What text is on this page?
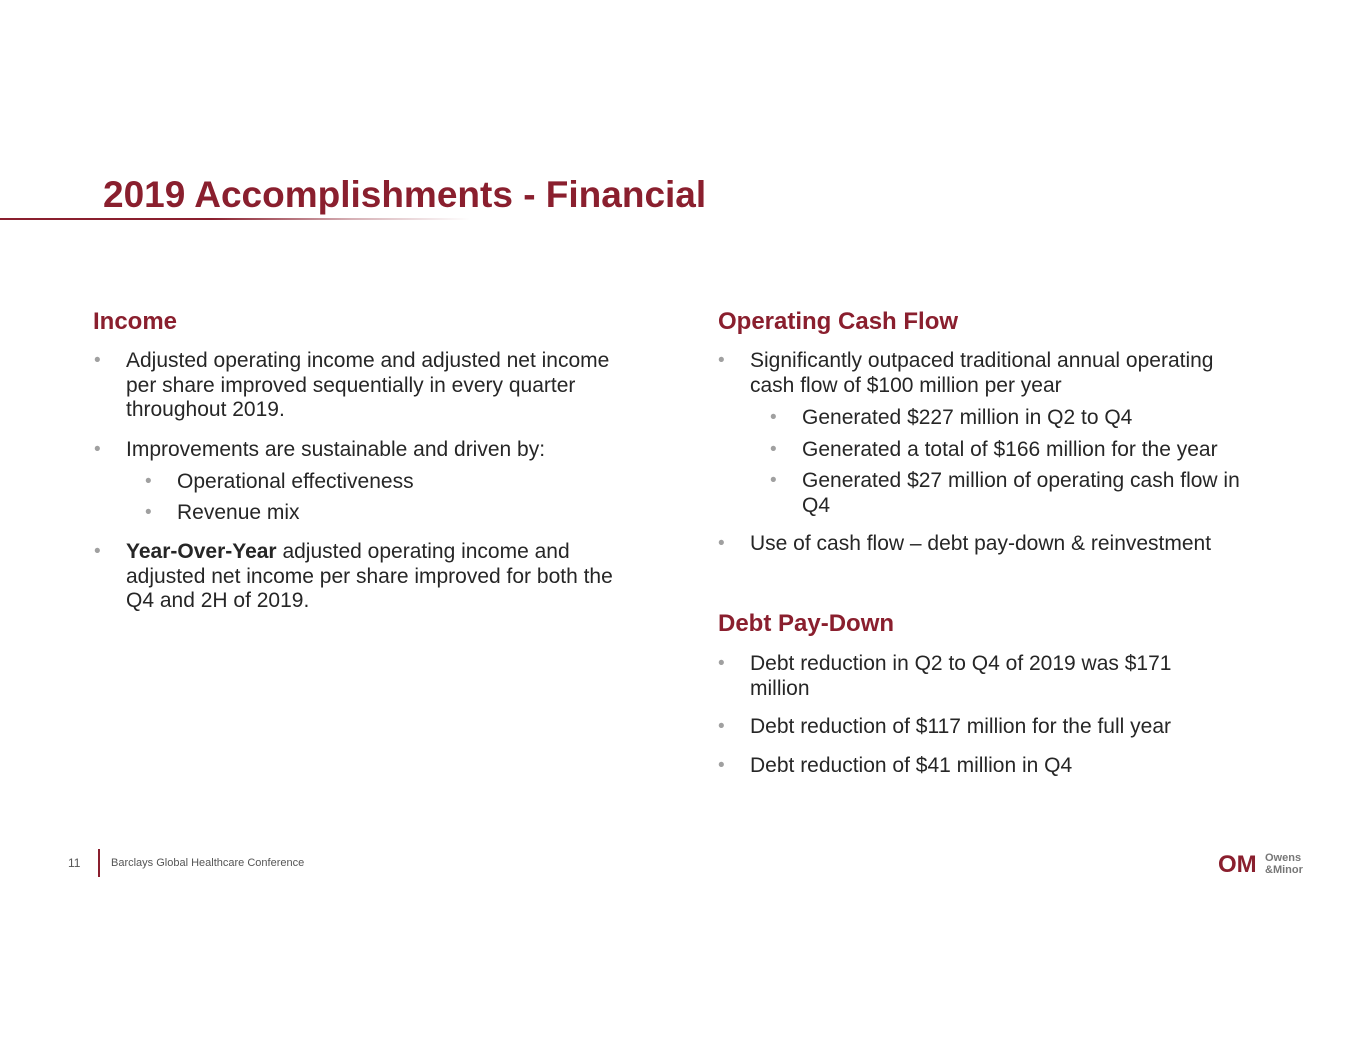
2019 Accomplishments - Financial
Income
• Adjusted operating income and adjusted net income per share improved sequentially in every quarter throughout 2019.
• Improvements are sustainable and driven by:
• Operational effectiveness
• Revenue mix
• Year-Over-Year adjusted operating income and adjusted net income per share improved for both the Q4 and 2H of 2019.
Operating Cash Flow
• Significantly outpaced traditional annual operating cash flow of $100 million per year
• Generated $227 million in Q2 to Q4
• Generated a total of $166 million for the year
• Generated $27 million of operating cash flow in Q4
• Use of cash flow – debt pay-down & reinvestment
Debt Pay-Down
• Debt reduction in Q2 to Q4 of 2019 was $171 million
• Debt reduction of $117 million for the full year
• Debt reduction of $41 million in Q4
11	Barclays Global Healthcare Conference	OM Owens
&Minor
